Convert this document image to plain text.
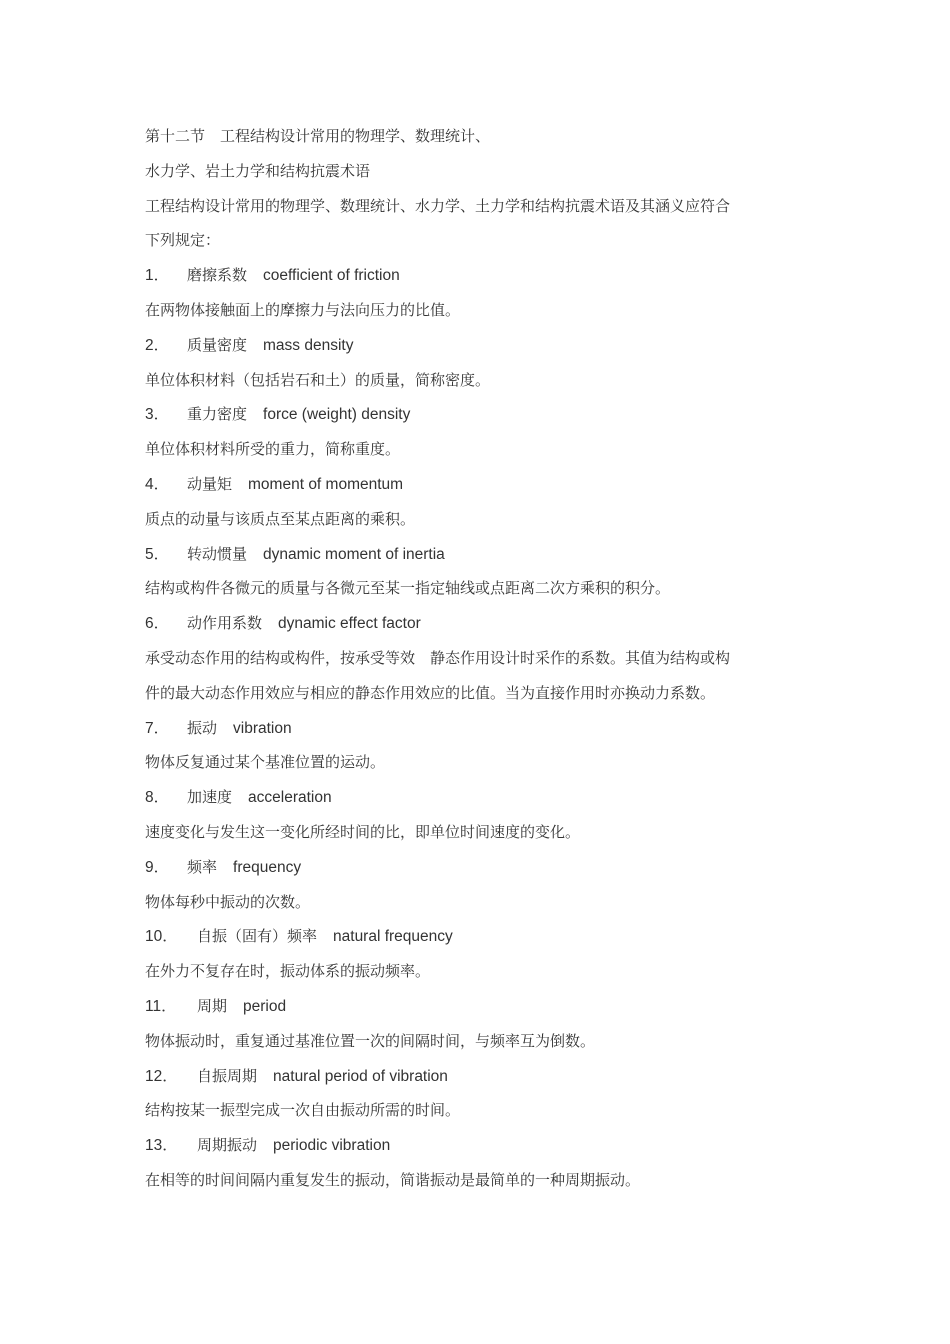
第十二节　工程结构设计常用的物理学、数理统计、
水力学、岩土力学和结构抗震术语
工程结构设计常用的物理学、数理统计、水力学、土力学和结构抗震术语及其涵义应符合
下列规定：
1． 磨擦系数 coefficient of friction
在两物体接触面上的摩擦力与法向压力的比值。
2． 质量密度 mass density
单位体积材料（包括岩石和土）的质量，简称密度。
3． 重力密度 force (weight) density
单位体积材料所受的重力，简称重度。
4． 动量矩 moment of momentum
质点的动量与该质点至某点距离的乘积。
5． 转动惯量 dynamic moment of inertia
结构或构件各微元的质量与各微元至某一指定轴线或点距离二次方乘积的积分。
6． 动作用系数 dynamic effect factor
承受动态作用的结构或构件，按承受等效　静态作用设计时采作的系数。其值为结构或构
件的最大动态作用效应与相应的静态作用效应的比值。当为直接作用时亦换动力系数。
7． 振动 vibration
物体反复通过某个基准位置的运动。
8． 加速度 acceleration
速度变化与发生这一变化所经时间的比，即单位时间速度的变化。
9． 频率 frequency
物体每秒中振动的次数。
10． 自振（固有）频率 natural frequency
在外力不复存在时，振动体系的振动频率。
11． 周期 period
物体振动时，重复通过基准位置一次的间隔时间，与频率互为倒数。
12． 自振周期 natural period of vibration
结构按某一振型完成一次自由振动所需的时间。
13． 周期振动 periodic vibration
在相等的时间间隔内重复发生的振动，简谐振动是最简单的一种周期振动。
